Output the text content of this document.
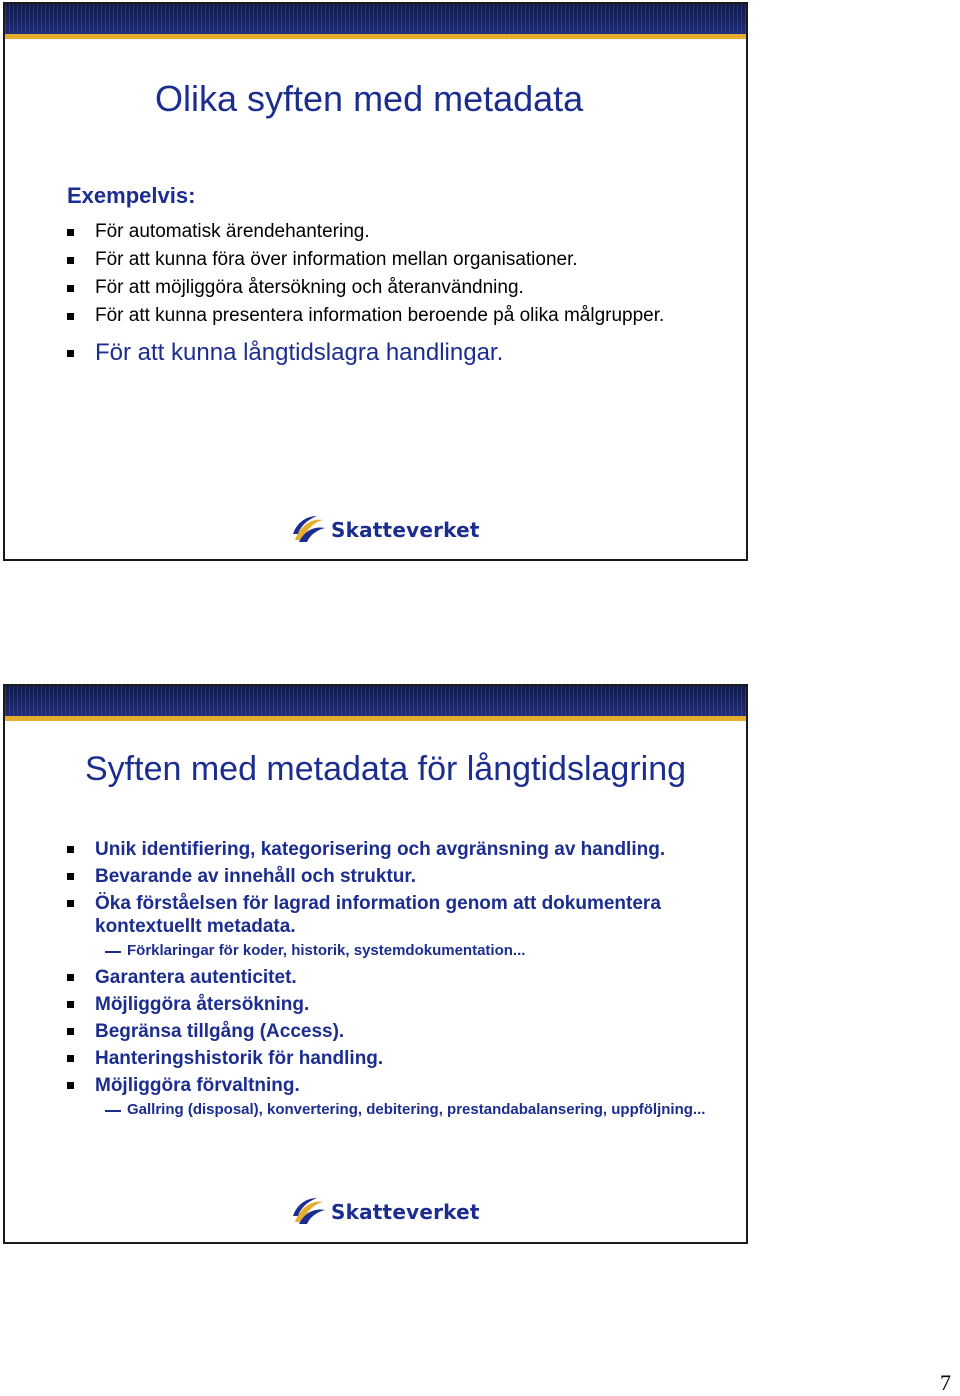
Olika syften med metadata
Exempelvis:
För automatisk ärendehantering.
För att kunna föra över information mellan organisationer.
För att möjliggöra återsökning och återanvändning.
För att kunna presentera information beroende på olika målgrupper.
För att kunna långtidslagra handlingar.
Skatteverket
Syften med metadata för långtidslagring
Unik identifiering, kategorisering och avgränsning av handling.
Bevarande av innehåll och struktur.
Öka förståelsen för lagrad information genom att dokumentera kontextuellt metadata.
Förklaringar för koder, historik, systemdokumentation...
Garantera autenticitet.
Möjliggöra återsökning.
Begränsa tillgång (Access).
Hanteringshistorik för handling.
Möjliggöra förvaltning.
Gallring (disposal), konvertering, debitering, prestandabalansering, uppföljning...
Skatteverket
7
